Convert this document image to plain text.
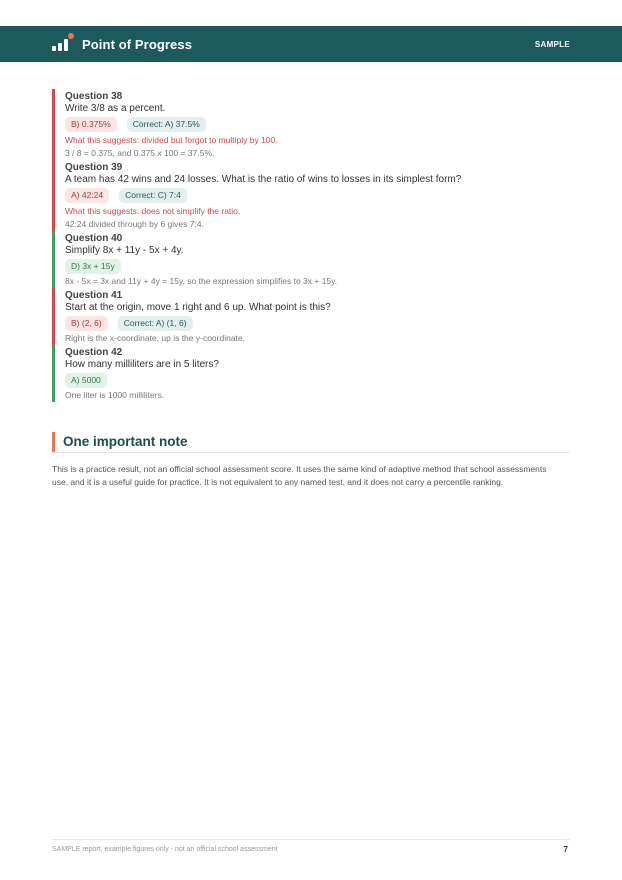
Point of Progress	SAMPLE
Question 38
Write 3/8 as a percent.
B) 0.375%	Correct: A) 37.5%
What this suggests: divided but forgot to multiply by 100.
3 / 8 = 0.375, and 0.375 x 100 = 37.5%.
Question 39
A team has 42 wins and 24 losses. What is the ratio of wins to losses in its simplest form?
A) 42:24	Correct: C) 7:4
What this suggests: does not simplify the ratio.
42:24 divided through by 6 gives 7:4.
Question 40
Simplify 8x + 11y - 5x + 4y.
D) 3x + 15y
8x - 5x = 3x and 11y + 4y = 15y, so the expression simplifies to 3x + 15y.
Question 41
Start at the origin, move 1 right and 6 up. What point is this?
B) (2, 6)	Correct: A) (1, 6)
Right is the x-coordinate, up is the y-coordinate.
Question 42
How many milliliters are in 5 liters?
A) 5000
One liter is 1000 milliliters.
One important note

This is a practice result, not an official school assessment score. It uses the same kind of adaptive method that school assessments use, and it is a useful guide for practice. It is not equivalent to any named test, and it does not carry a percentile ranking.

SAMPLE report, example figures only - not an official school assessment	7
